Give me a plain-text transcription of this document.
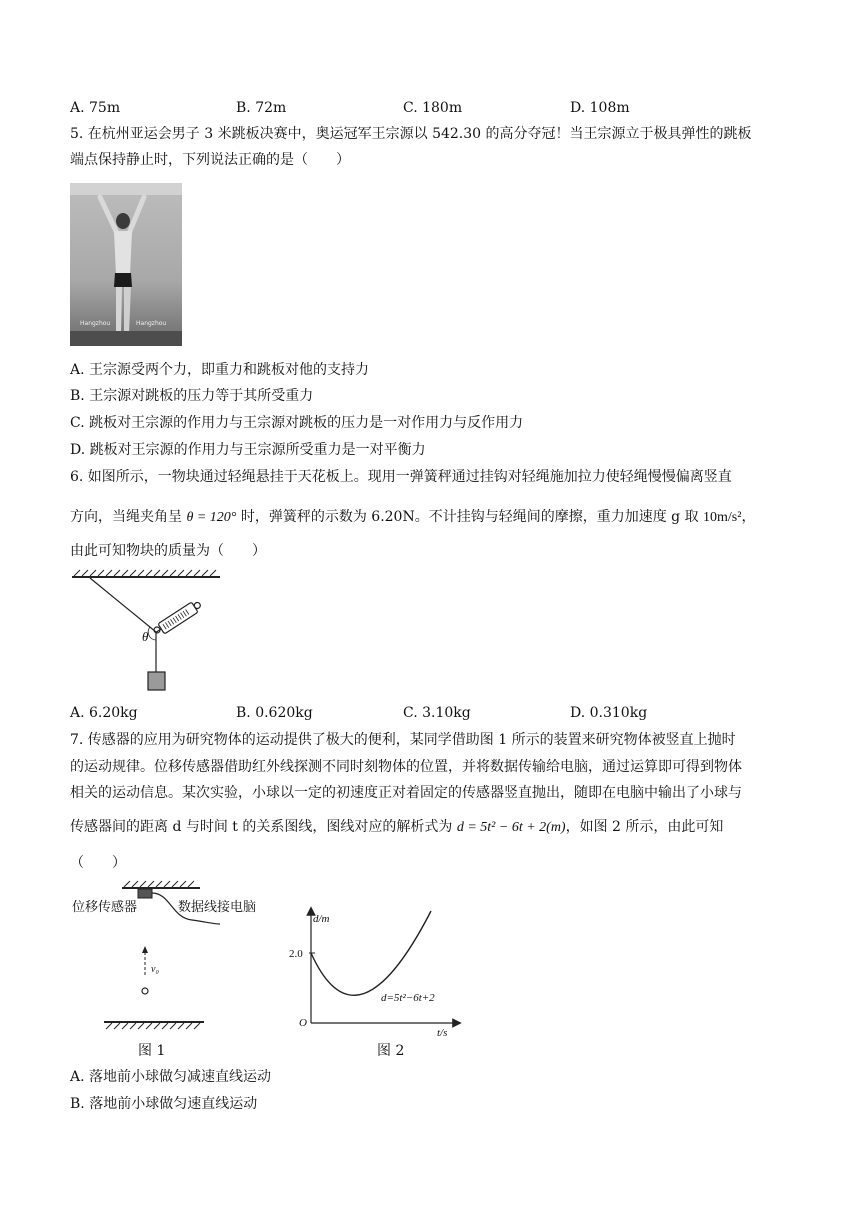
A. 75m	B. 72m	C. 180m	D. 108m
5. 在杭州亚运会男子 3 米跳板决赛中，奥运冠军王宗源以 542.30 的高分夺冠！当王宗源立于极具弹性的跳板
端点保持静止时，下列说法正确的是（　　）
Hangzhou	Hangzhou
A. 王宗源受两个力，即重力和跳板对他的支持力
B. 王宗源对跳板的压力等于其所受重力
C. 跳板对王宗源的作用力与王宗源对跳板的压力是一对作用力与反作用力
D. 跳板对王宗源的作用力与王宗源所受重力是一对平衡力
6. 如图所示，一物块通过轻绳悬挂于天花板上。现用一弹簧秤通过挂钩对轻绳施加拉力使轻绳慢慢偏离竖直
方向，当绳夹角呈 θ = 120° 时，弹簧秤的示数为 6.20N。不计挂钩与轻绳间的摩擦，重力加速度 g 取 10m/s²，
由此可知物块的质量为（　　）
θ
A. 6.20kg	B. 0.620kg	C. 3.10kg	D. 0.310kg
7. 传感器的应用为研究物体的运动提供了极大的便利，某同学借助图 1 所示的装置来研究物体被竖直上抛时
的运动规律。位移传感器借助红外线探测不同时刻物体的位置，并将数据传输给电脑，通过运算即可得到物体
相关的运动信息。某次实验，小球以一定的初速度正对着固定的传感器竖直抛出，随即在电脑中输出了小球与
传感器间的距离 d 与时间 t 的关系图线，图线对应的解析式为 d = 5t² − 6t + 2(m)，如图 2 所示，由此可知
（　　）
位移传感器	数据线接电脑
v₀
图 1
d/m
t/s
2.0
O
d=5t²−6t+2
图 2
A. 落地前小球做匀减速直线运动
B. 落地前小球做匀速直线运动
